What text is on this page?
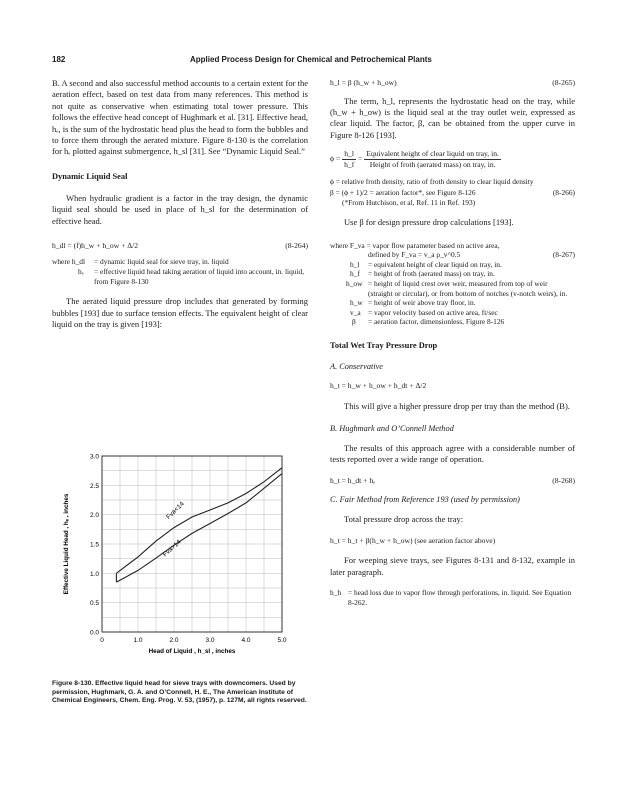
182	Applied Process Design for Chemical and Petrochemical Plants
B. A second and also successful method accounts to a certain extent for the aeration effect, based on test data from many references. This method is not quite as conservative when estimating total tower pressure. This follows the effective head concept of Hughmark et al. [31]. Effective head, hₑ, is the sum of the hydrostatic head plus the head to form the bubbles and to force them through the aerated mixture. Figure 8-130 is the correlation for hₑ plotted against submergence, h_sl [31]. See “Dynamic Liquid Seal.”
Dynamic Liquid Seal
When hydraulic gradient is a factor in the tray design, the dynamic liquid seal should be used in place of h_sl for the determination of effective head.
h_dl = (f)h_w + h_ow + Δ/2	(8-264)
where h_dl = dynamic liquid seal for sieve tray, in. liquid
hₑ = effective liquid head taking aeration of liquid into account, in. liquid, from Figure 8-130
The aerated liquid pressure drop includes that generated by forming bubbles [193] due to surface tension effects. The equivalent height of clear liquid on the tray is given [193]:
Fva<14
Fva>14
0	1.0	2.0	3.0	4.0	5.0
0.0
0.5
1.0
1.5
2.0
2.5
3.0
Head of Liquid , h_sl , inches
Effective Liquid Head , hₑ , inches
Figure 8-130. Effective liquid head for sieve trays with downcomers. Used by permission, Hughmark, G. A. and O’Connell, H. E., The American Institute of Chemical Engineers, Chem. Eng. Prog. V. 53, (1957), p. 127M, all rights reserved.
h_l = β (h_w + h_ow)	(8-265)
The term, h_l, represents the hydrostatic head on the tray, while (h_w + h_ow) is the liquid seal at the tray outlet weir, expressed as clear liquid. The factor, β, can be obtained from the upper curve in Figure 8-126 [193].
$\phi = \frac{h\_l}{h\_f} = \frac{\text{Equivalent height of clear liquid on tray, in.}}{\text{Height of froth (aerated mass) on tray, in.}}$
ϕ = relative froth density, ratio of froth density to clear liquid density
β = (ϕ + 1)/2 = aeration factor*, see Figure 8-126	(8-266)
(*From Hutchison, et al, Ref. 11 in Ref. 193)
Use β for design pressure drop calculations [193].
where F_va = vapor flow parameter based on active area,
defined by F_va = v_a ρ_v^0.5	(8-267)
h_l = equivalent height of clear liquid on tray, in.
h_f = height of froth (aerated mass) on tray, in.
h_ow = height of liquid crest over weir, measured from top of weir (straight or circular), or from bottom of notches (v-notch weirs), in.
h_w = height of weir above tray floor, in.
v_a = vapor velocity based on active area, ft/sec
β = aeration factor, dimensionless, Figure 8-126
Total Wet Tray Pressure Drop
A. Conservative
h_t = h_w + h_ow + h_dt + Δ/2
This will give a higher pressure drop per tray than the method (B).
B. Hughmark and O’Connell Method
The results of this approach agree with a considerable number of tests reported over a wide range of operation.
h_t = h_dt + hₑ	(8-268)
C. Fair Method from Reference 193 (used by permission)
Total pressure drop across the tray:
h_t = h_t + β(h_w + h_ow) (see aeration factor above)
For weeping sieve trays, see Figures 8-131 and 8-132, example in later paragraph.
h_h = head loss due to vapor flow through perforations, in. liquid. See Equation 8-262.
